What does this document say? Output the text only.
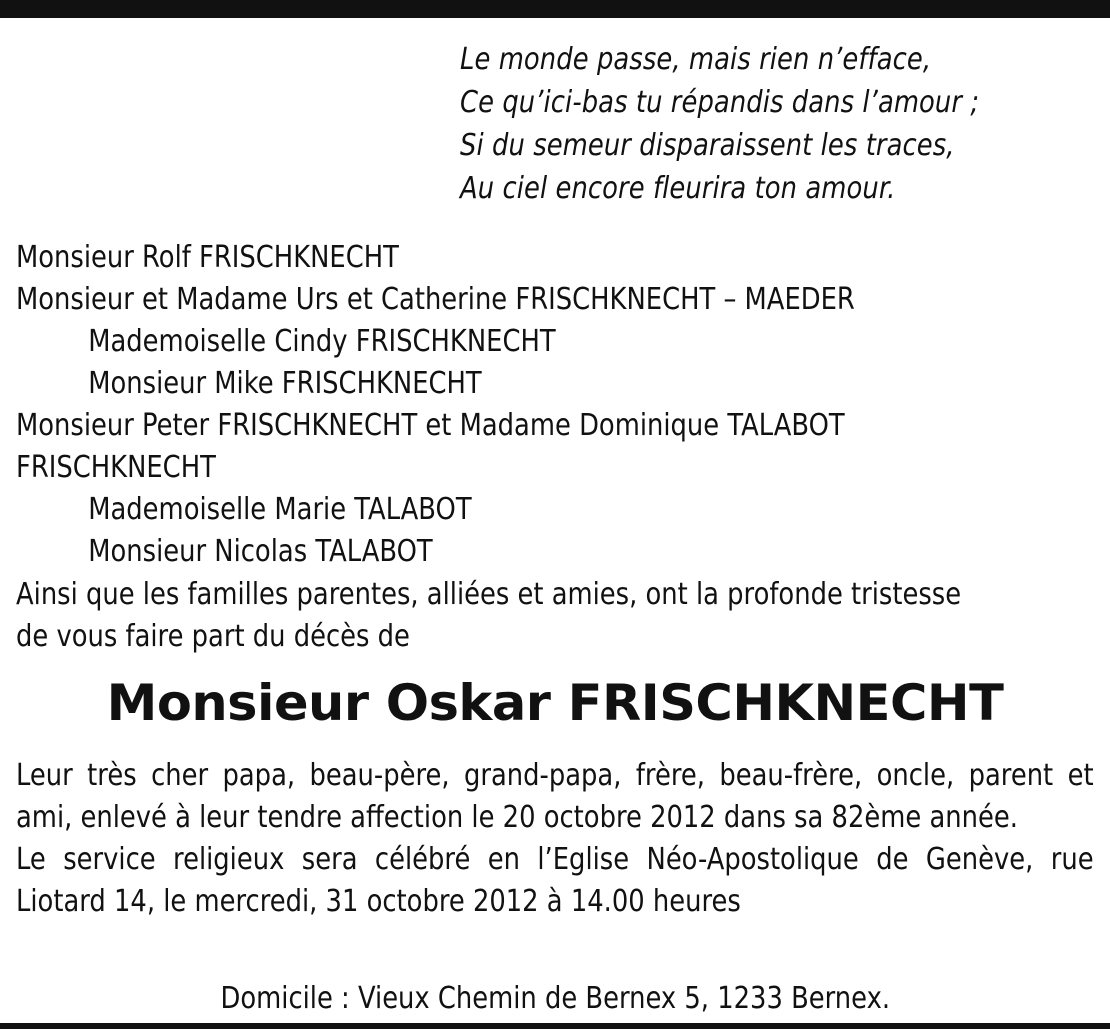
Le monde passe, mais rien n’efface,
Ce qu’ici-bas tu répandis dans l’amour ;
Si du semeur disparaissent les traces,
Au ciel encore fleurira ton amour.
Monsieur Rolf FRISCHKNECHT
Monsieur et Madame Urs et Catherine FRISCHKNECHT – MAEDER
Mademoiselle Cindy FRISCHKNECHT
Monsieur Mike FRISCHKNECHT
Monsieur Peter FRISCHKNECHT et Madame Dominique TALABOT
FRISCHKNECHT
Mademoiselle Marie TALABOT
Monsieur Nicolas TALABOT
Ainsi que les familles parentes, alliées et amies, ont la profonde tristesse
de vous faire part du décès de
Monsieur Oskar FRISCHKNECHT

Leur très cher papa, beau-père, grand-papa, frère, beau-frère, oncle, parent et ami, enlevé à leur tendre affection le 20 octobre 2012 dans sa 82ème année.

Le service religieux sera célébré en l’Eglise Néo-Apostolique de Genève, rue Liotard 14, le mercredi, 31 octobre 2012 à 14.00 heures

Domicile : Vieux Chemin de Bernex 5, 1233 Bernex.
